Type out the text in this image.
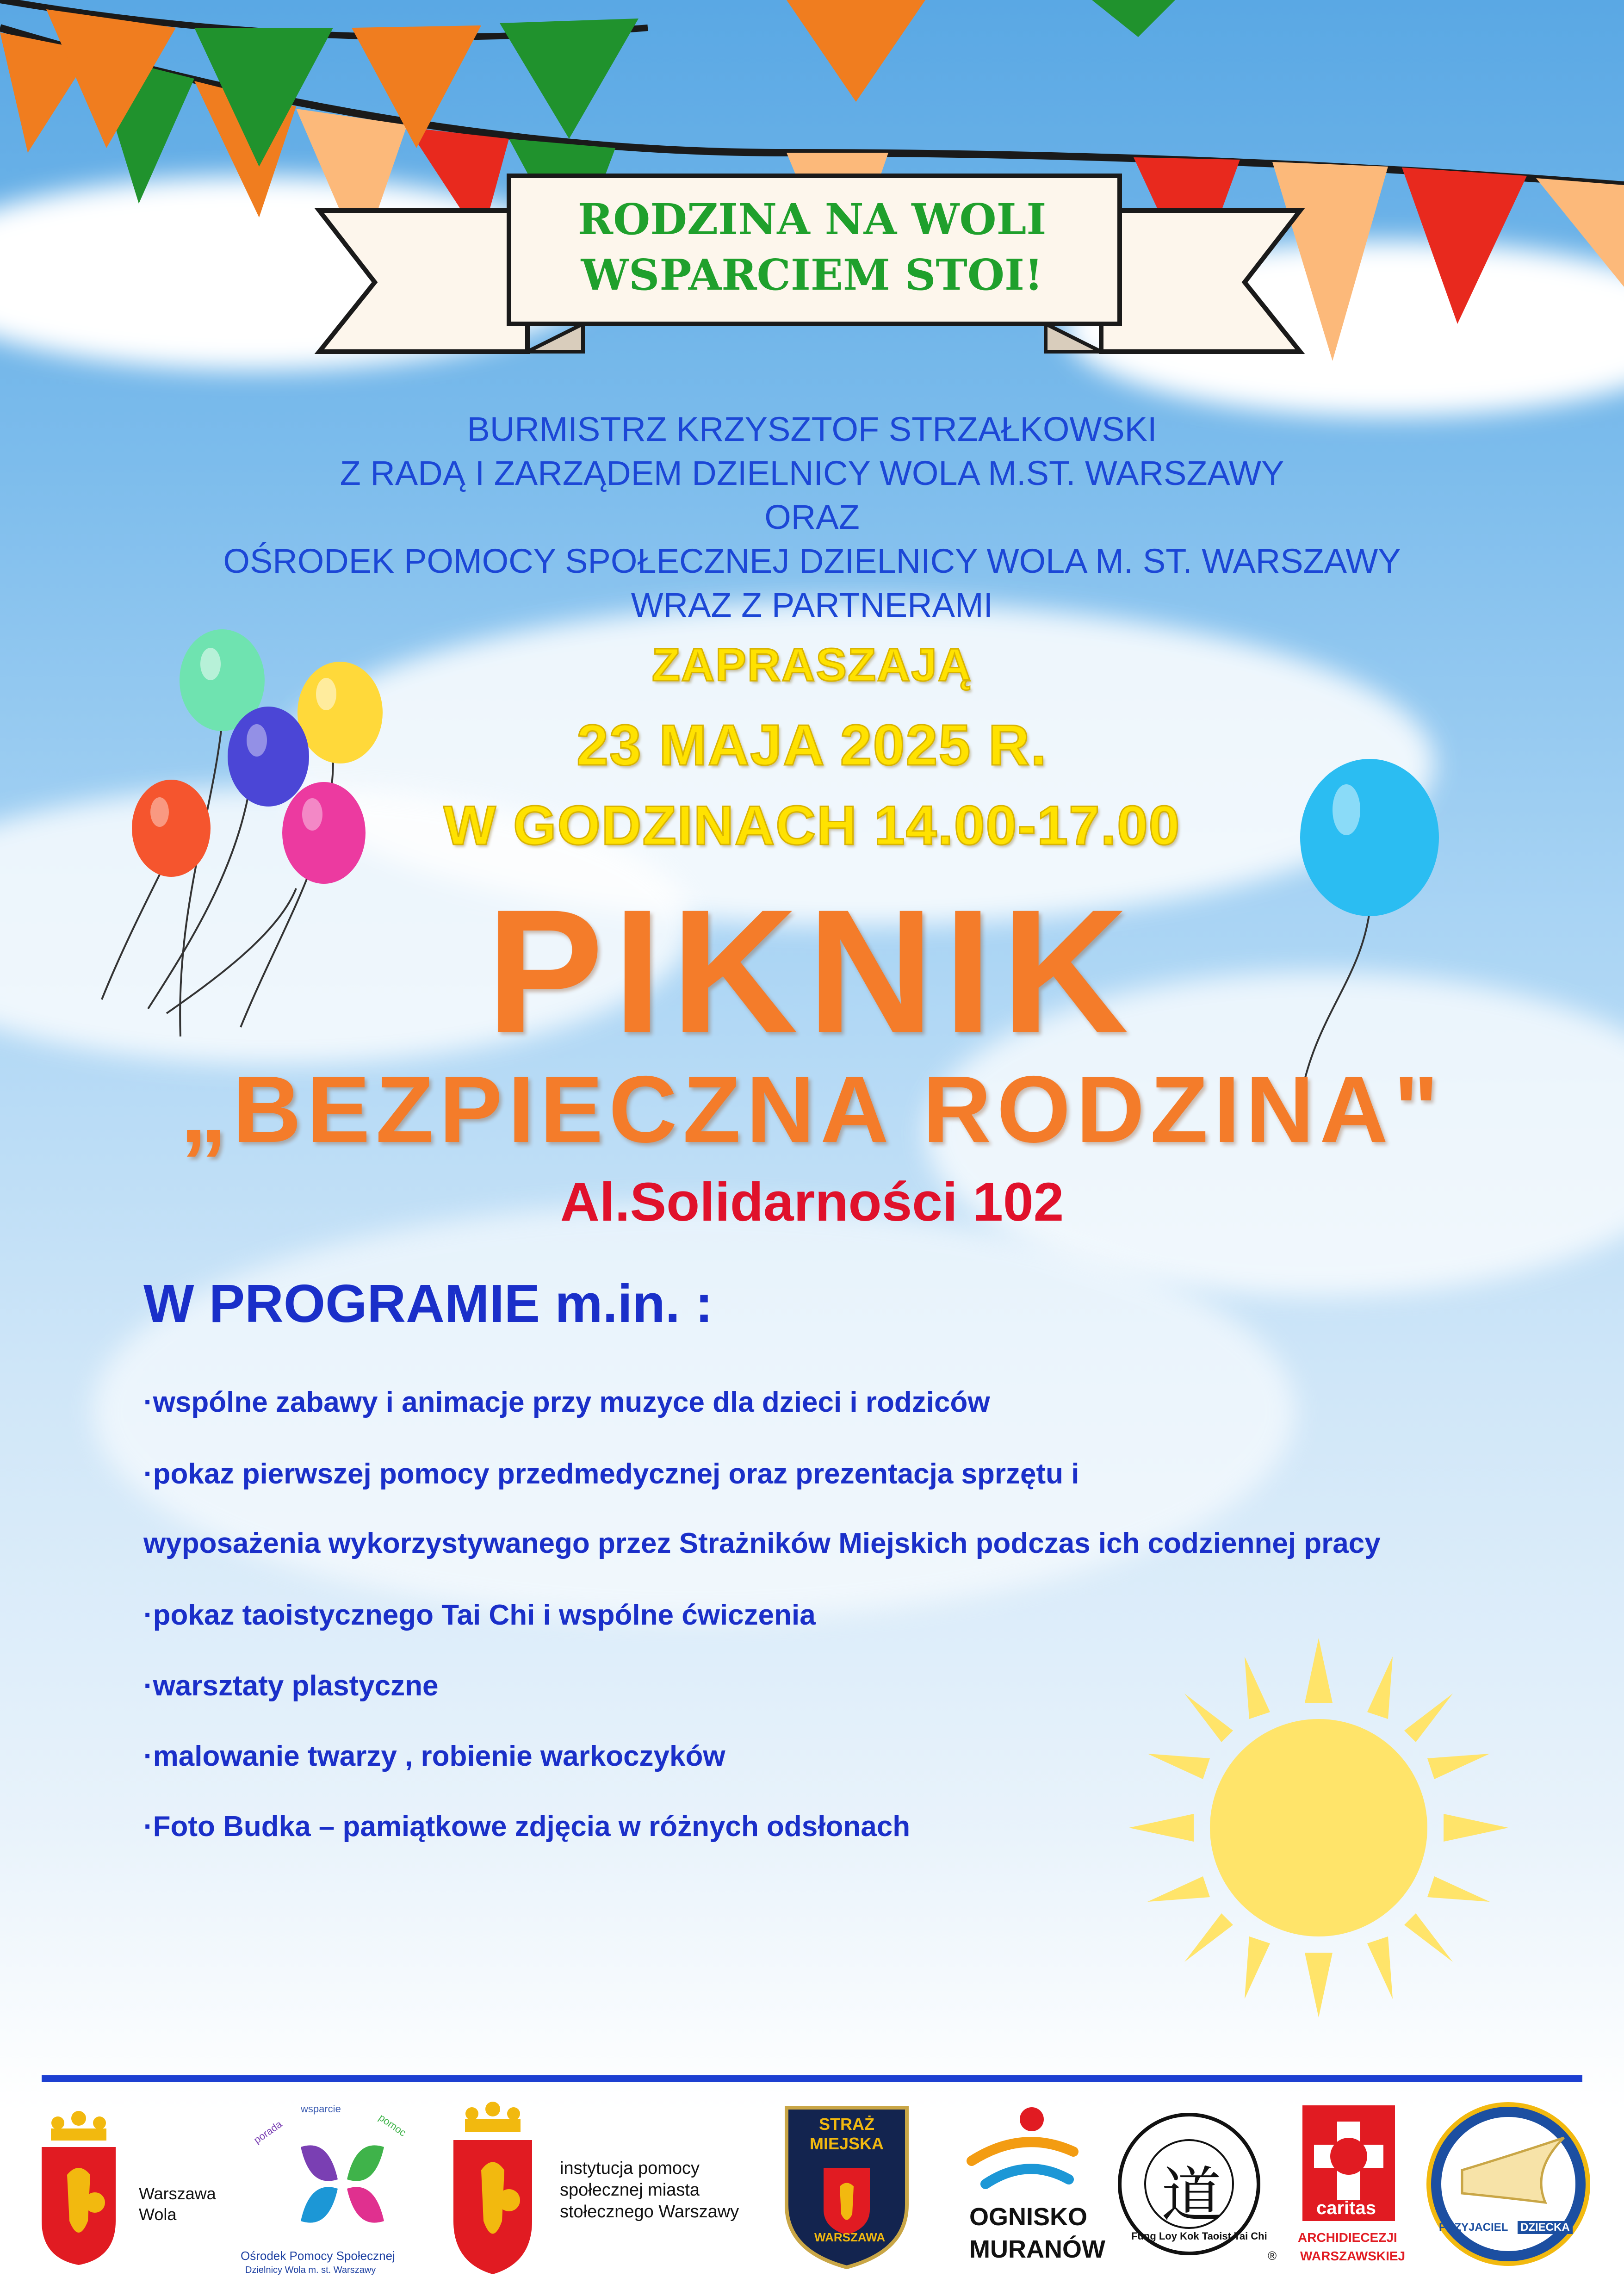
RODZINA NA WOLI
WSPARCIEM STOI!
BURMISTRZ KRZYSZTOF STRZAŁKOWSKI
Z RADĄ I ZARZĄDEM DZIELNICY WOLA M.ST. WARSZAWY
ORAZ
OŚRODEK POMOCY SPOŁECZNEJ DZIELNICY WOLA M. ST. WARSZAWY
WRAZ Z PARTNERAMI
ZAPRASZAJĄ
23 MAJA 2025 R.
W GODZINACH 14.00-17.00
PIKNIK
„BEZPIECZNA RODZINA"
Al.Solidarności 102
W PROGRAMIE m.in. :
·wspólne zabawy i animacje przy muzyce dla dzieci i rodziców
·pokaz pierwszej pomocy przedmedycznej oraz prezentacja sprzętu i
wyposażenia wykorzystywanego przez Strażników Miejskich podczas ich codziennej pracy
·pokaz taoistycznego Tai Chi i wspólne ćwiczenia
·warsztaty plastyczne
·malowanie twarzy , robienie warkoczyków
·Foto Budka – pamiątkowe zdjęcia w różnych odsłonach
Warszawa
Wola
porada
wsparcie
pomoc
Ośrodek Pomocy Społecznej
Dzielnicy Wola m. st. Warszawy
instytucja pomocy
społecznej miasta
stołecznego Warszawy
STRAŻ
MIEJSKA
WARSZAWA
OGNISKO
MURANÓW
道
Fung Loy Kok Taoist Tai Chi
®
caritas
ARCHIDIECEZJI
WARSZAWSKIEJ
PRZYJACIEL DZIECKA
